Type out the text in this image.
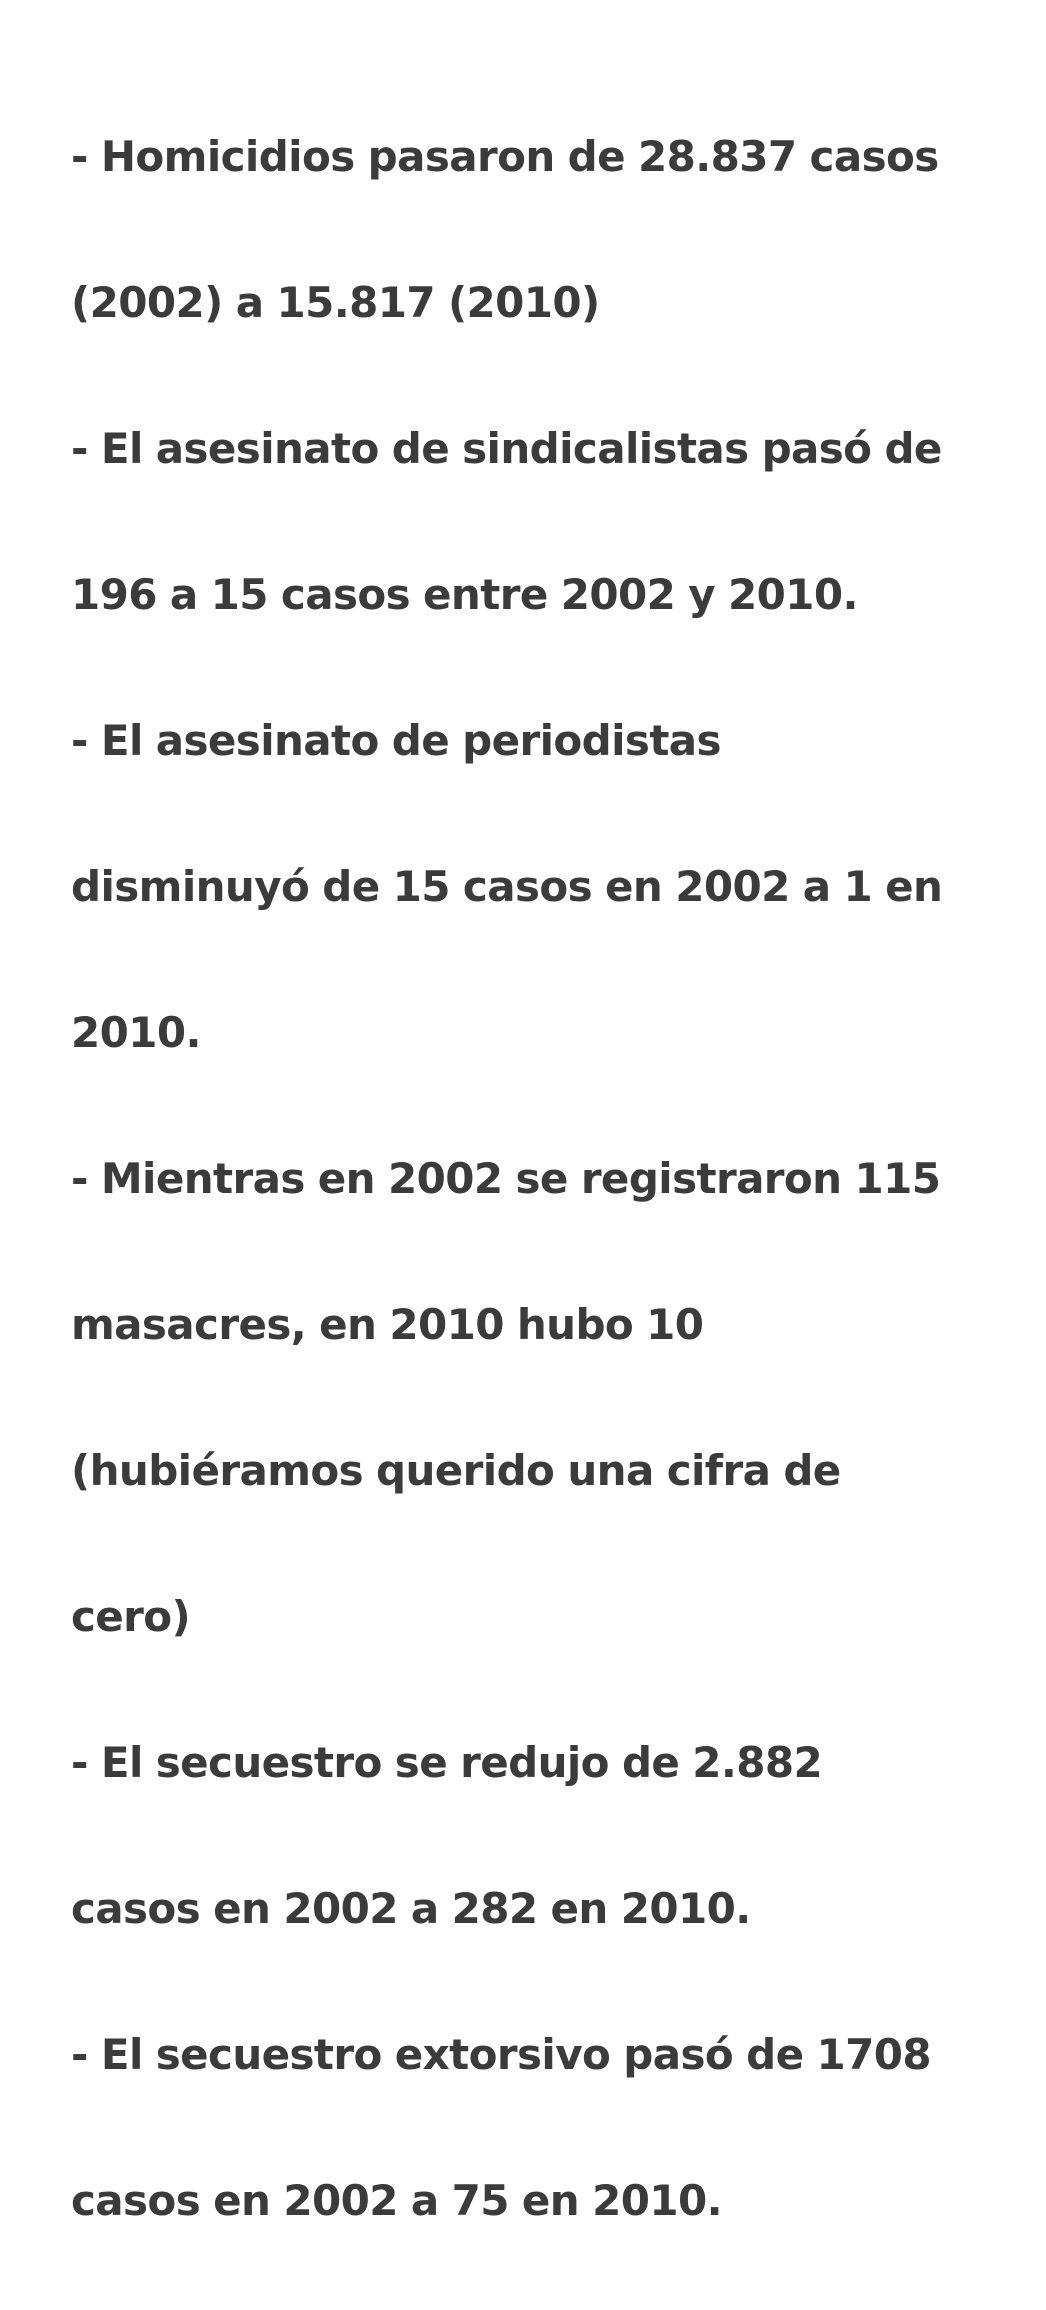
- Homicidios pasaron de 28.837 casos

(2002) a 15.817 (2010)

- El asesinato de sindicalistas pasó de

196 a 15 casos entre 2002 y 2010.

- El asesinato de periodistas

disminuyó de 15 casos en 2002 a 1 en

2010.

- Mientras en 2002 se registraron 115

masacres, en 2010 hubo 10

(hubiéramos querido una cifra de

cero)

- El secuestro se redujo de 2.882

casos en 2002 a 282 en 2010.

- El secuestro extorsivo pasó de 1708

casos en 2002 a 75 en 2010.
